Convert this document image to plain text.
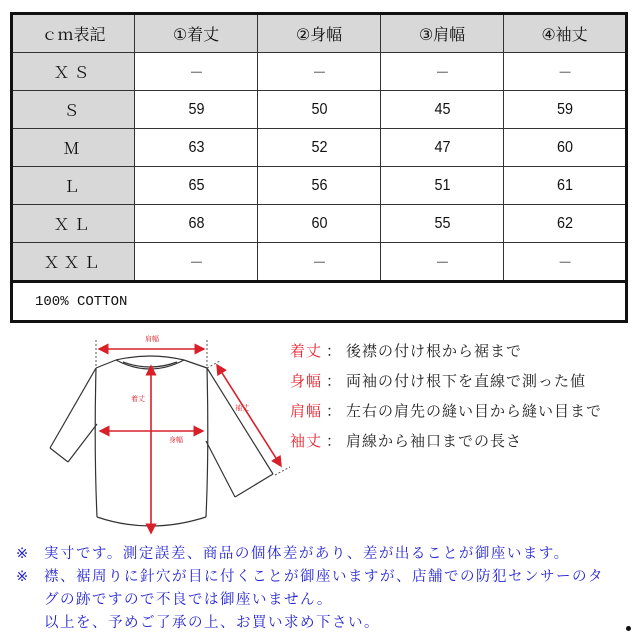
ｃｍ表記	①着丈	②身幅	③肩幅	④袖丈
ＸＳ	－	－	－	－
Ｓ	59	50	45	59
Ｍ	63	52	47	60
Ｌ	65	56	51	61
ＸＬ	68	60	55	62
ＸＸＬ	－	－	－	－
100% COTTON				
肩幅
着丈
身幅
袖丈
着丈 ： 後襟の付け根から裾まで
身幅 ： 両袖の付け根下を直線で測った値
肩幅 ： 左右の肩先の縫い目から縫い目まで
袖丈 ： 肩線から袖口までの長さ
※ 実寸です。測定誤差、商品の個体差があり、差が出ることが御座います。
※ 襟、裾周りに針穴が目に付くことが御座いますが、店舗での防犯センサーのタ
グの跡ですので不良では御座いません。
以上を、予めご了承の上、お買い求め下さい。
